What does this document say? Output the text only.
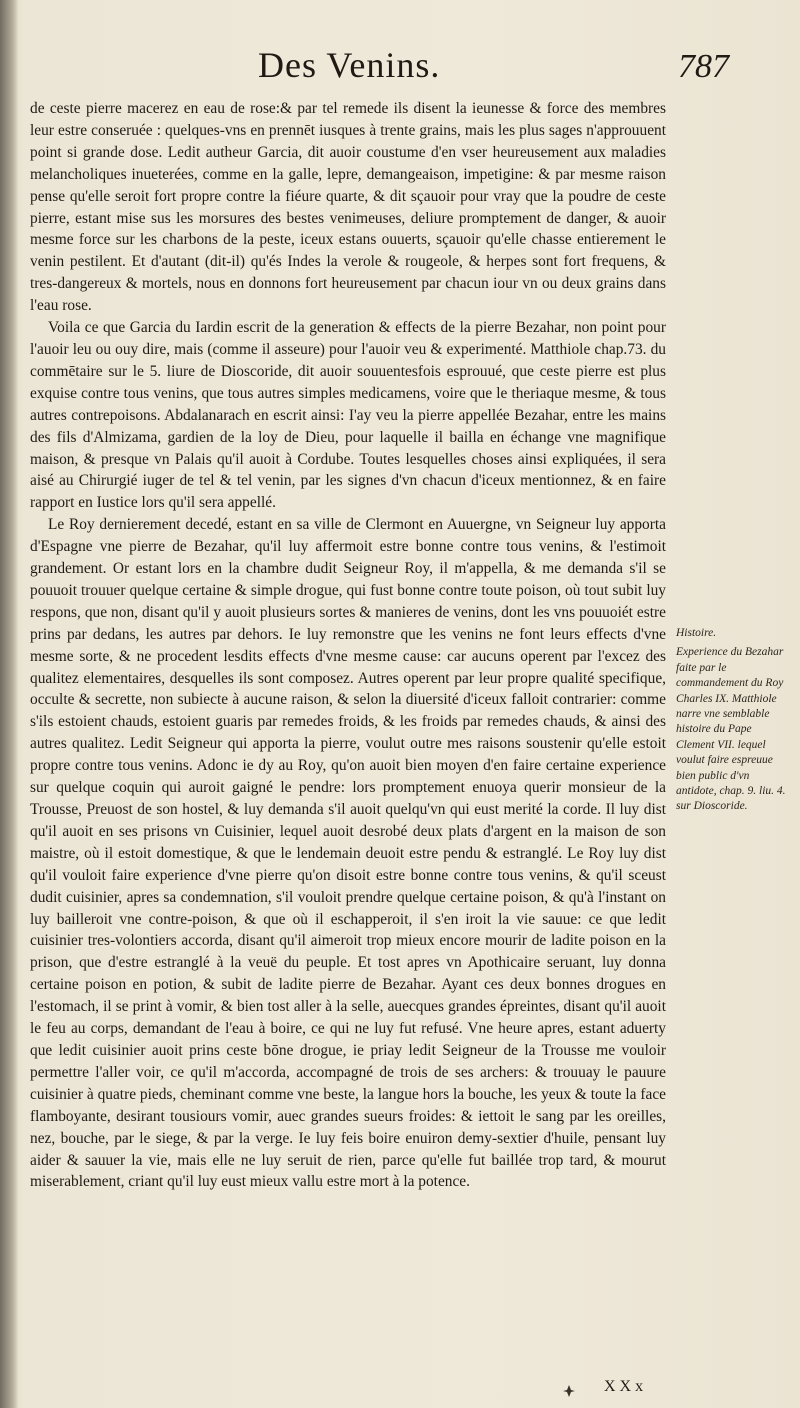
Des Venins.	787

de ceste pierre macerez en eau de rose:& par tel remede ils disent la ieunesse & force des membres leur estre conseruée : quelques-vns en prennēt iusques à trente grains, mais les plus sages n'approuuent point si grande dose. Ledit autheur Garcia, dit auoir coustume d'en vser heureusement aux maladies melancholiques inueterées, comme en la galle, lepre, demangeaison, impetigine: & par mesme raison pense qu'elle seroit fort propre contre la fiéure quarte, & dit sçauoir pour vray que la poudre de ceste pierre, estant mise sus les morsures des bestes venimeuses, deliure promptement de danger, & auoir mesme force sur les charbons de la peste, iceux estans ouuerts, sçauoir qu'elle chasse entierement le venin pestilent. Et d'autant (dit-il) qu'és Indes la verole & rougeole, & herpes sont fort frequens, & tres-dangereux & mortels, nous en donnons fort heureusement par chacun iour vn ou deux grains dans l'eau rose.

Voila ce que Garcia du Iardin escrit de la generation & effects de la pierre Bezahar, non point pour l'auoir leu ou ouy dire, mais (comme il asseure) pour l'auoir veu & experimenté. Matthiole chap.73. du commētaire sur le 5. liure de Dioscoride, dit auoir souuentesfois esprouué, que ceste pierre est plus exquise contre tous venins, que tous autres simples medicamens, voire que le theriaque mesme, & tous autres contrepoisons. Abdalanarach en escrit ainsi: I'ay veu la pierre appellée Bezahar, entre les mains des fils d'Almizama, gardien de la loy de Dieu, pour laquelle il bailla en échange vne magnifique maison, & presque vn Palais qu'il auoit à Cordube. Toutes lesquelles choses ainsi expliquées, il sera aisé au Chirurgié iuger de tel & tel venin, par les signes d'vn chacun d'iceux mentionnez, & en faire rapport en Iustice lors qu'il sera appellé.

Le Roy dernierement decedé, estant en sa ville de Clermont en Auuergne, vn Seigneur luy apporta d'Espagne vne pierre de Bezahar, qu'il luy affermoit estre bonne contre tous venins, & l'estimoit grandement. Or estant lors en la chambre dudit Seigneur Roy, il m'appella, & me demanda s'il se pouuoit trouuer quelque certaine & simple drogue, qui fust bonne contre toute poison, où tout subit luy respons, que non, disant qu'il y auoit plusieurs sortes & manieres de venins, dont les vns pouuoiét estre prins par dedans, les autres par dehors. Ie luy remonstre que les venins ne font leurs effects d'vne mesme sorte, & ne procedent lesdits effects d'vne mesme cause: car aucuns operent par l'excez des qualitez elementaires, desquelles ils sont composez. Autres operent par leur propre qualité specifique, occulte & secrette, non subiecte à aucune raison, & selon la diuersité d'iceux falloit contrarier: comme s'ils estoient chauds, estoient guaris par remedes froids, & les froids par remedes chauds, & ainsi des autres qualitez. Ledit Seigneur qui apporta la pierre, voulut outre mes raisons soustenir qu'elle estoit propre contre tous venins. Adonc ie dy au Roy, qu'on auoit bien moyen d'en faire certaine experience sur quelque coquin qui auroit gaigné le pendre: lors promptement enuoya querir monsieur de la Trousse, Preuost de son hostel, & luy demanda s'il auoit quelqu'vn qui eust merité la corde. Il luy dist qu'il auoit en ses prisons vn Cuisinier, lequel auoit desrobé deux plats d'argent en la maison de son maistre, où il estoit domestique, & que le lendemain deuoit estre pendu & estranglé. Le Roy luy dist qu'il vouloit faire experience d'vne pierre qu'on disoit estre bonne contre tous venins, & qu'il sceust dudit cuisinier, apres sa condemnation, s'il vouloit prendre quelque certaine poison, & qu'à l'instant on luy bailleroit vne contre-poison, & que où il eschapperoit, il s'en iroit la vie sauue: ce que ledit cuisinier tres-volontiers accorda, disant qu'il aimeroit trop mieux encore mourir de ladite poison en la prison, que d'estre estranglé à la veuë du peuple. Et tost apres vn Apothicaire seruant, luy donna certaine poison en potion, & subit de ladite pierre de Bezahar. Ayant ces deux bonnes drogues en l'estomach, il se print à vomir, & bien tost aller à la selle, auecques grandes épreintes, disant qu'il auoit le feu au corps, demandant de l'eau à boire, ce qui ne luy fut refusé. Vne heure apres, estant aduerty que ledit cuisinier auoit prins ceste bōne drogue, ie priay ledit Seigneur de la Trousse me vouloir permettre l'aller voir, ce qu'il m'accorda, accompagné de trois de ses archers: & trouuay le pauure cuisinier à quatre pieds, cheminant comme vne beste, la langue hors la bouche, les yeux & toute la face flamboyante, desirant tousiours vomir, auec grandes sueurs froides: & iettoit le sang par les oreilles, nez, bouche, par le siege, & par la verge. Ie luy feis boire enuiron demy-sextier d'huile, pensant luy aider & sauuer la vie, mais elle ne luy seruit de rien, parce qu'elle fut baillée trop tard, & mourut miserablement, criant qu'il luy eust mieux vallu estre mort à la potence.

Histoire.
Experience du Bezahar faite par le commandement du Roy Charles IX. Matthiole narre vne semblable histoire du Pape Clement VII. lequel voulut faire espreuue bien public d'vn antidote, chap. 9. liu. 4. sur Dioscoride.
X X x
